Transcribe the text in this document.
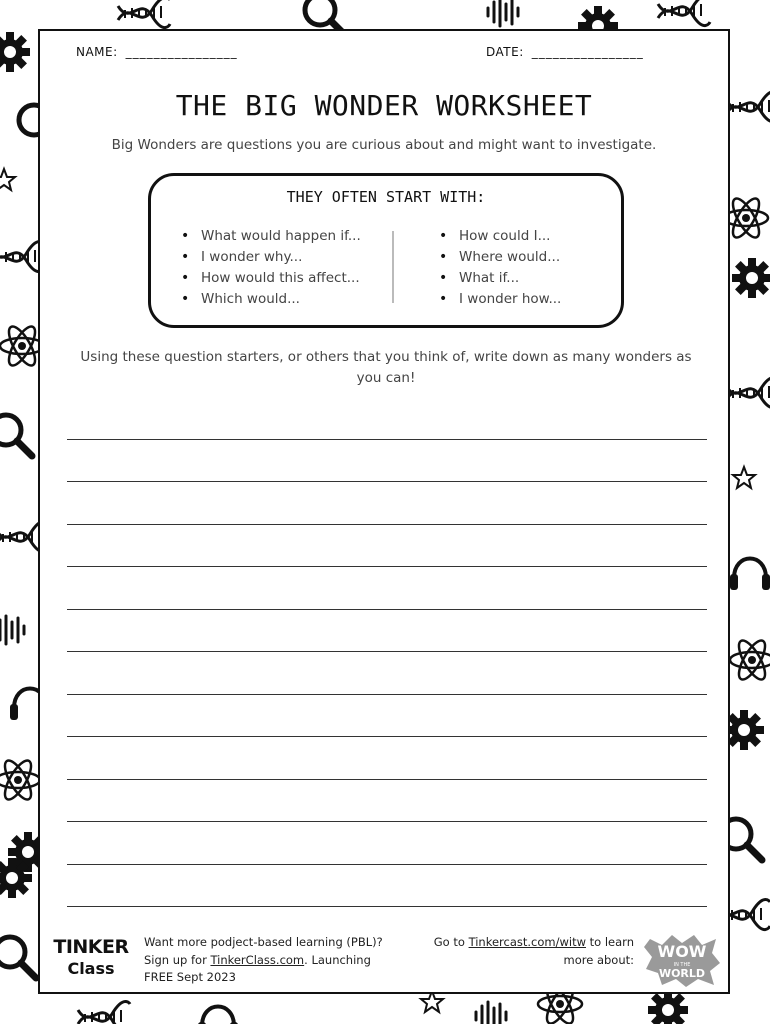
NAME: ________________	DATE: ________________
THE BIG WONDER WORKSHEET
Big Wonders are questions you are curious about and might want to investigate.
THEY OFTEN START WITH:
• What would happen if...
• I wonder why...
• How would this affect...
• Which would...
• How could I...
• Where would...
• What if...
• I wonder how...
Using these question starters, or others that you think of, write down as many wonders as you can!
TINKER
Class
Want more podject-based learning (PBL)?
Sign up for TinkerClass.com. Launching
FREE Sept 2023
Go to Tinkercast.com/witw to learn
more about: WOW
IN THE
WORLD
